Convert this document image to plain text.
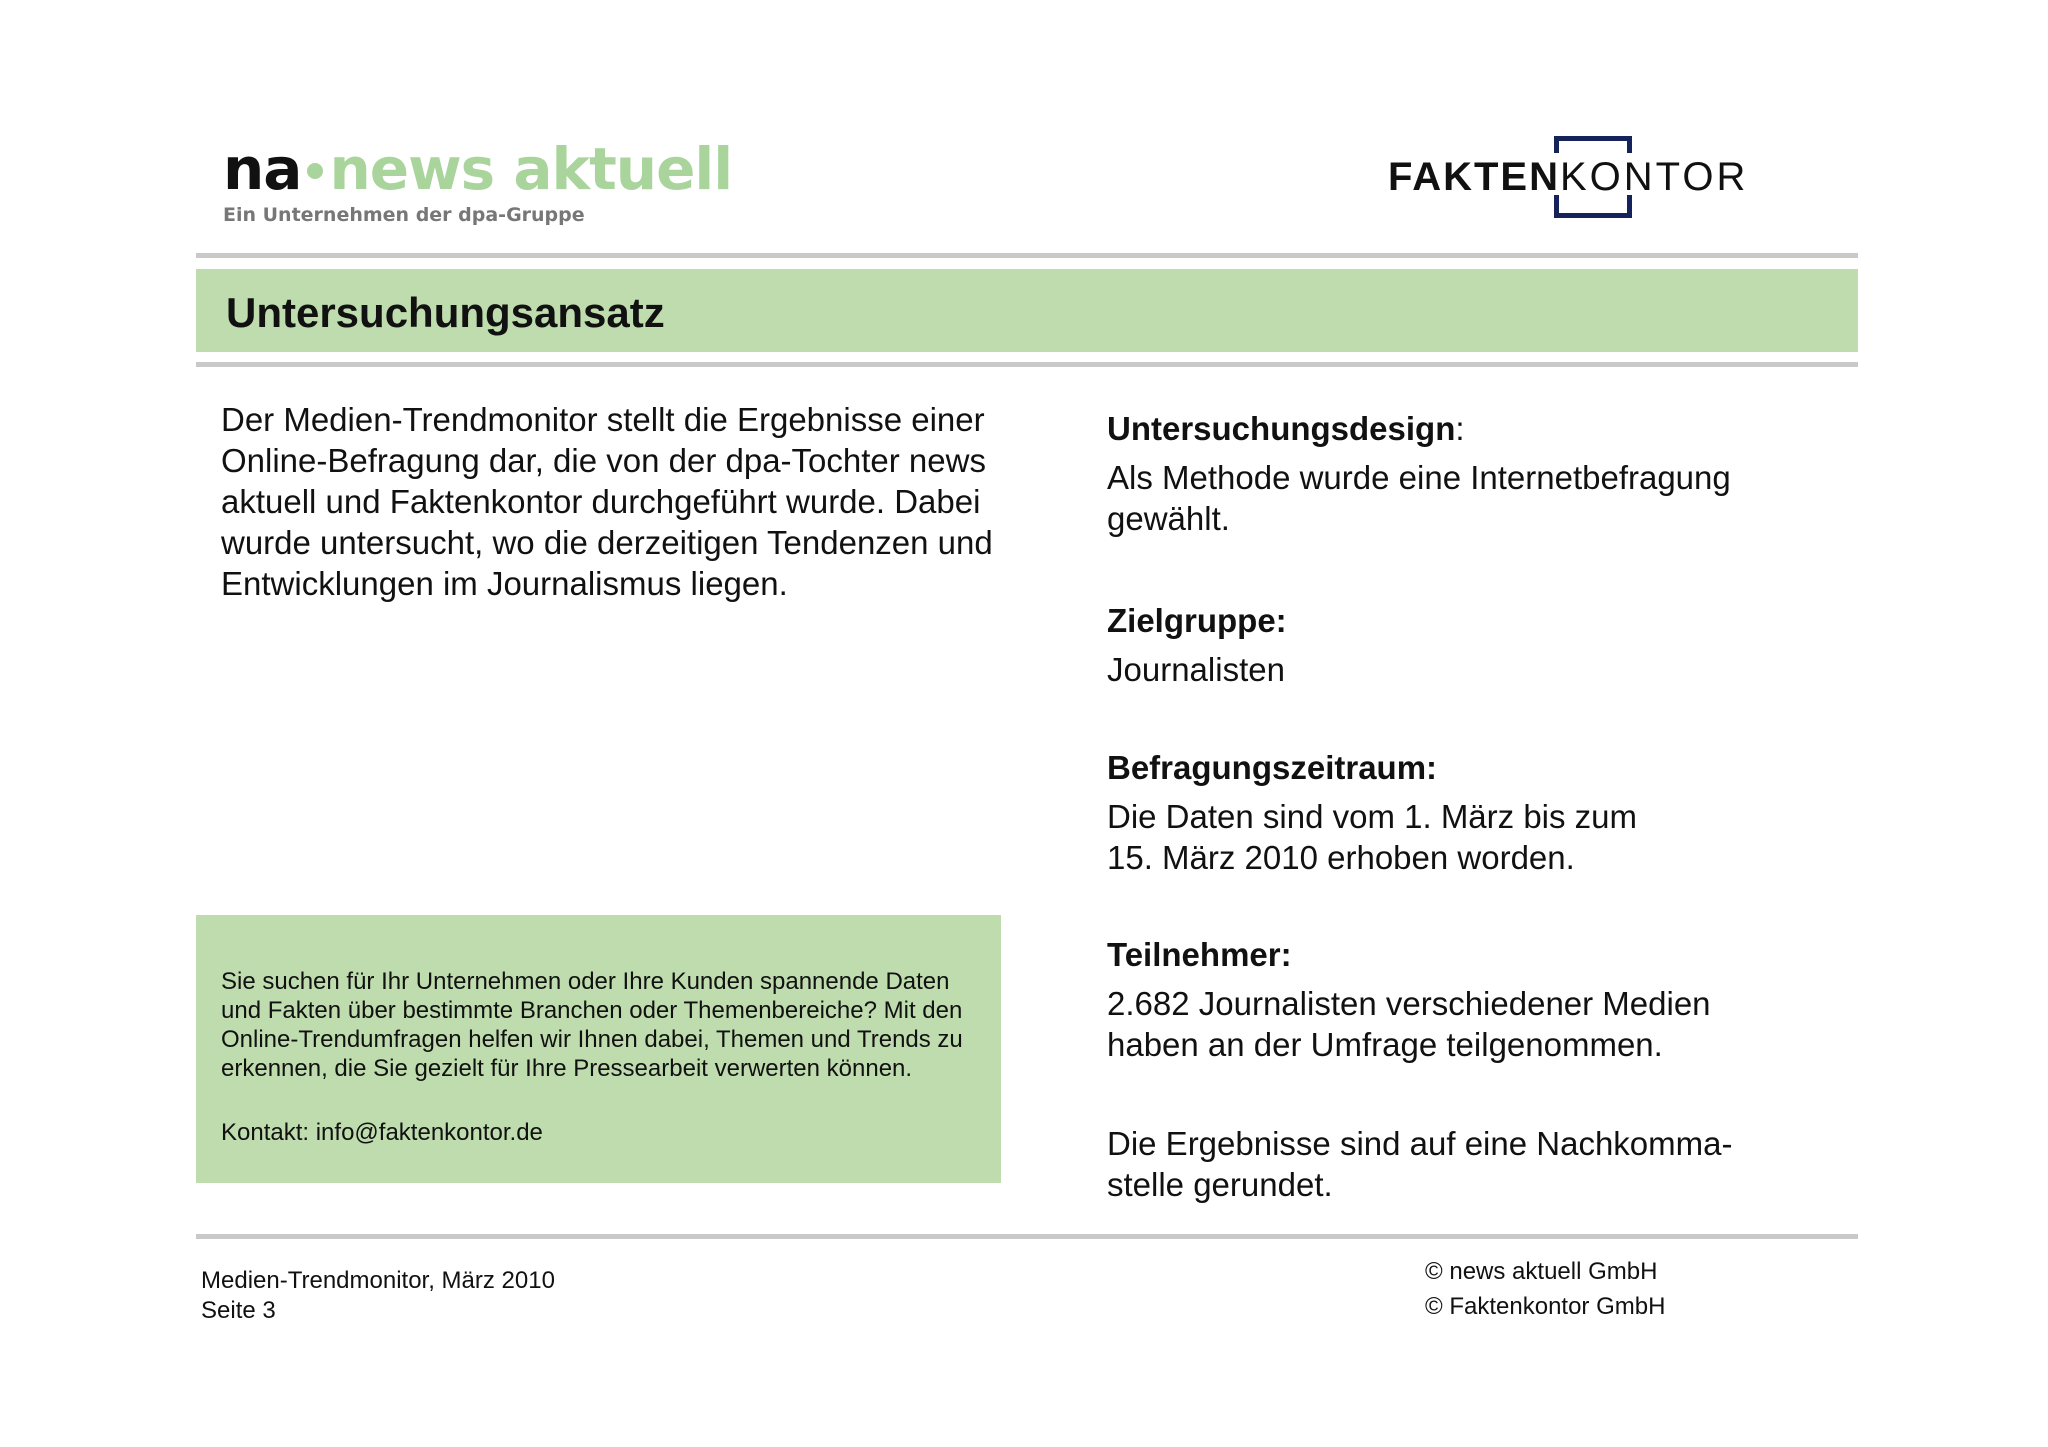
na news aktuell
Ein Unternehmen der dpa-Gruppe
FAKTENKONTOR
Untersuchungsansatz
Der Medien-Trendmonitor stellt die Ergebnisse einer Online-Befragung dar, die von der dpa-Tochter news aktuell und Faktenkontor durchgeführt wurde. Dabei wurde untersucht, wo die derzeitigen Tendenzen und Entwicklungen im Journalismus liegen.
Untersuchungsdesign:
Als Methode wurde eine Internetbefragung gewählt.
Zielgruppe:
Journalisten
Befragungszeitraum:
Die Daten sind vom 1. März bis zum 15. März 2010 erhoben worden.
Teilnehmer:
2.682 Journalisten verschiedener Medien haben an der Umfrage teilgenommen.
Die Ergebnisse sind auf eine Nachkomma-stelle gerundet.
Sie suchen für Ihr Unternehmen oder Ihre Kunden spannende Daten und Fakten über bestimmte Branchen oder Themenbereiche? Mit den Online-Trendumfragen helfen wir Ihnen dabei, Themen und Trends zu erkennen, die Sie gezielt für Ihre Pressearbeit verwerten können.
Kontakt: info@faktenkontor.de
Medien-Trendmonitor, März 2010
Seite 3
© news aktuell GmbH
© Faktenkontor GmbH
